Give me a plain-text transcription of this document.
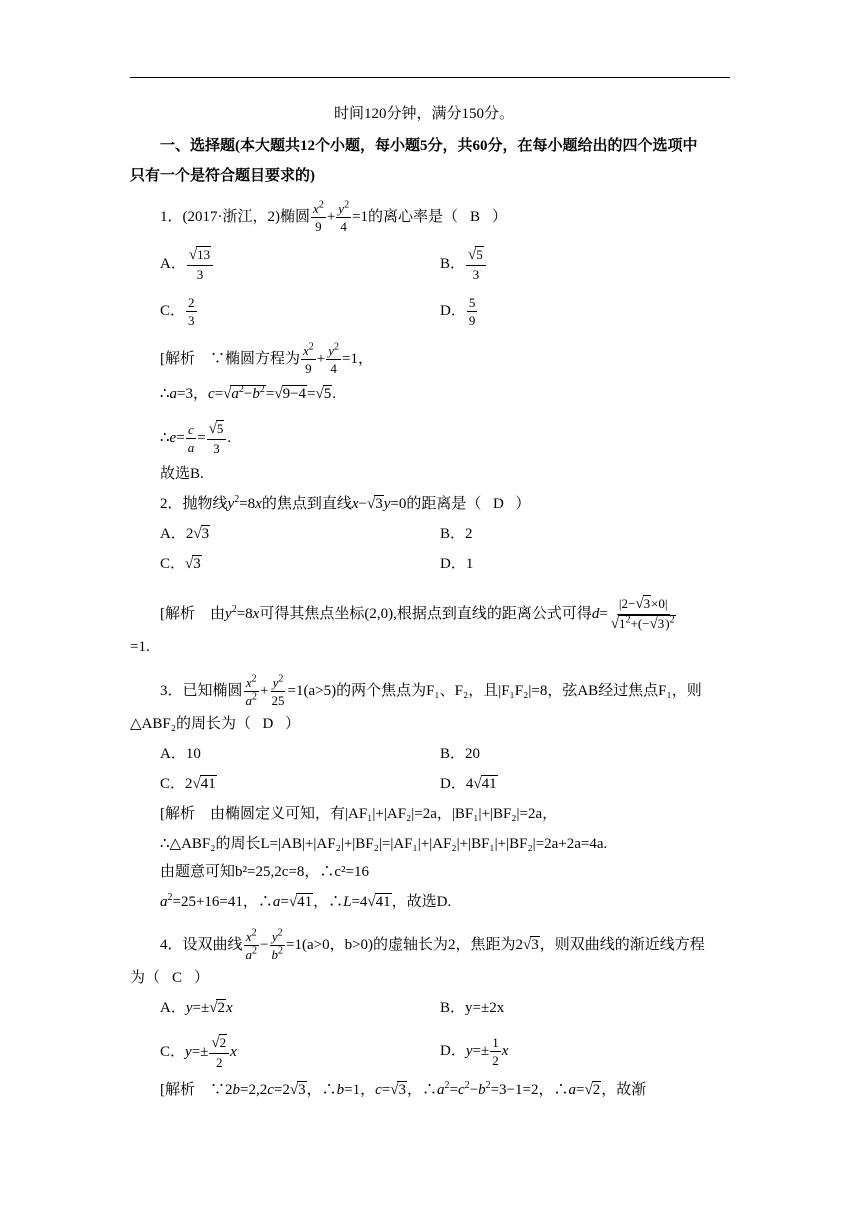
时间120分钟，满分150分。
一、选择题(本大题共12个小题，每小题5分，共60分，在每小题给出的四个选项中
只有一个是符合题目要求的)
1．(2017·浙江，2)椭圆 $\frac{x^2}{9} + \frac{y^2}{4} =1$的离心率是（ B ）
A． $\frac{√13}{3}$	B． $\frac{√5}{3}$
C． $\frac{2}{3}$	D． $\frac{5}{9}$
[解析 ∵椭圆方程为 $\frac{x^2}{9} + \frac{y^2}{4} =1$，
∴a=3，$c=√a^2-b^2=√9-4=√5$.
∴e= $\frac{c}{a} = \frac{√5}{3}$ .
故选B.
2．抛物线$y^2=8x$的焦点到直线x−√3y=0的距离是（ D ）
A．2√3	B．2
C．√3	D．1
[解析    由$y^2=8x$可得其焦点坐标(2,0),根据点到直线的距离公式可得$d= \frac{|2-√3\times 0|}{√1^2+(-√3)^2}$
=1.
3．已知椭圆 $\frac{x^2}{a^2} + \frac{y^2}{25} =1(a>5)$的两个焦点为F₁、F₂，且|F₁F₂|=8，弦AB经过焦点F₁，则
△ABF₂的周长为（ D ）
A．10	B．20
C．2√41	D．4√41
[解析 由椭圆定义可知，有|AF₁|+|AF₂|=2a，|BF₁|+|BF₂|=2a，
∴△ABF₂的周长L=|AB|+|AF₂|+|BF₂|=|AF₁|+|AF₂|+|BF₁|+|BF₂|=2a+2a=4a.
由题意可知b²=25,2c=8，∴c²=16
$a^2=25+16=41$，∴a=√41，∴L=4√41，故选D.
4．设双曲线 $\frac{x^2}{a^2} - \frac{y^2}{b^2} =1(a>0$，b>0)的虚轴长为2，焦距为2√3，则双曲线的渐近线方程
为（ C ）
A．y=±√2x	B．y=±2x
C．$y=\pm \frac{√2}{2}$ x	D．$y=\pm \frac{1}{2}$ x
[解析    ∵2b=2,2c=2√3，∴b=1，c=√3，$\therefore a^2=c^2-b^2=3-1=2$，∴a=√2，故渐
